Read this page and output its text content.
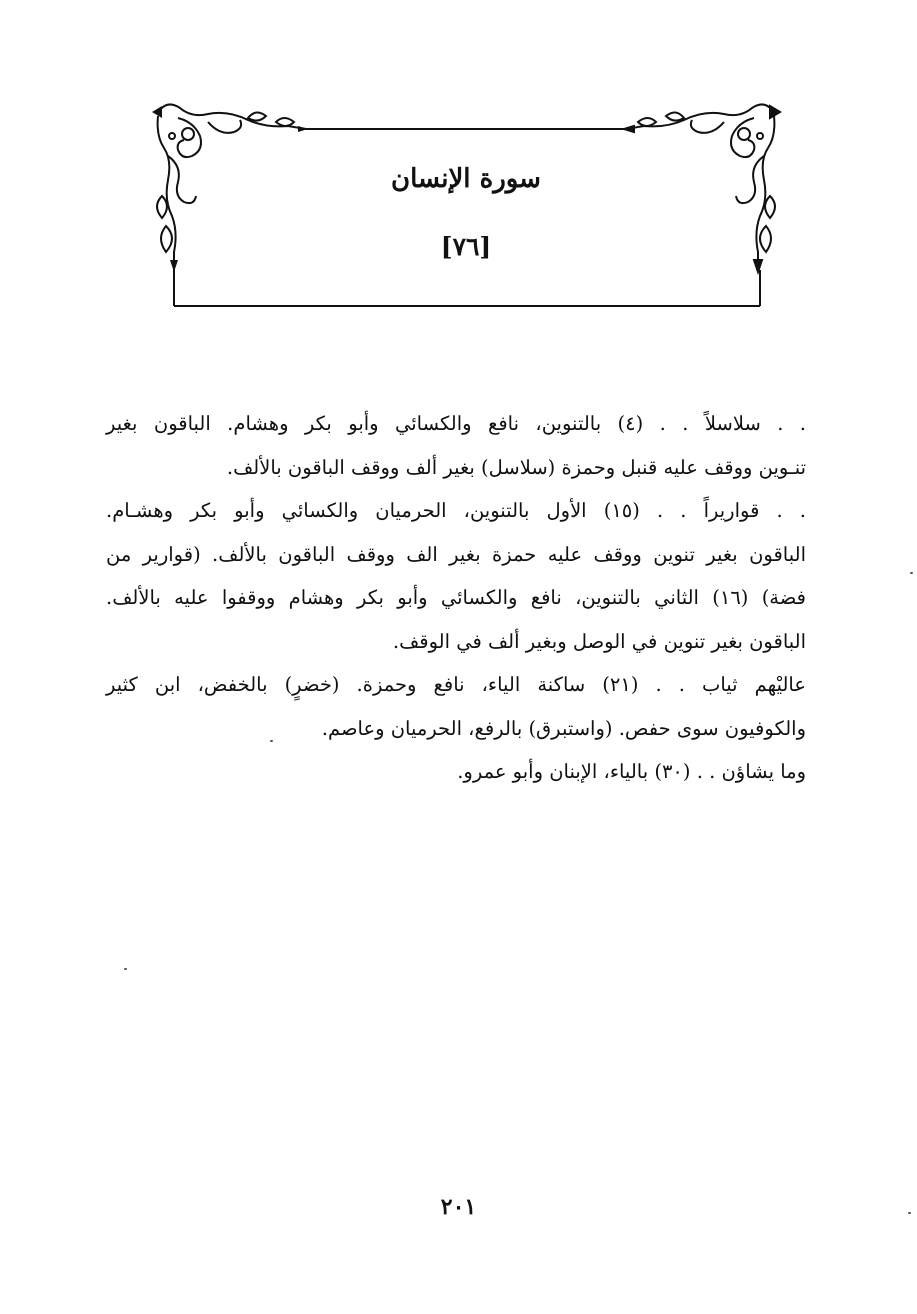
سورة الإنسان
[٧٦]

. . سلاسلاً . . (٤) بالتنوين، نافع والكسائي وأبو بكر وهشام. الباقون بغير
تنـوين ووقف عليه قنبل وحمزة (سلاسل) بغير ألف ووقف الباقون بالألف.

. . قواريراً . . (١٥) الأول بالتنوين، الحرميان والكسائي وأبو بكر وهشـام.
الباقون بغير تنوين ووقف عليه حمزة بغير الف ووقف الباقون بالألف. (قوارير من
فضة) (١٦) الثاني بالتنوين، نافع والكسائي وأبو بكر وهشام ووقفوا عليه بالألف.
الباقون بغير تنوين في الوصل وبغير ألف في الوقف.

عاليْهم ثياب . . (٢١) ساكنة الياء، نافع وحمزة. (خضرٍ) بالخفض، ابن كثير
والكوفيون سوى حفص. (واستبرق) بالرفع، الحرميان وعاصم.

وما يشاؤن . . (٣٠) بالياء، الإبنان وأبو عمرو.

٢٠١
